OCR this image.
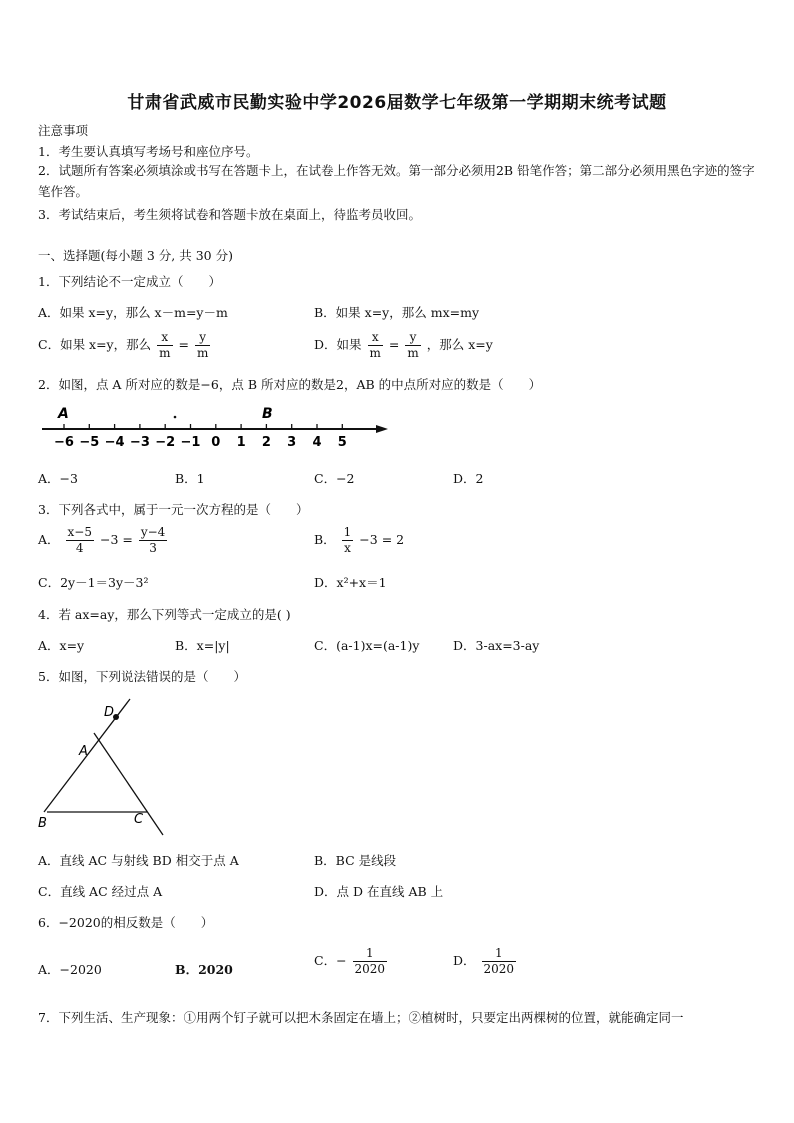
甘肃省武威市民勤实验中学2026届数学七年级第一学期期末统考试题
注意事项
1．考生要认真填写考场号和座位序号。
2．试题所有答案必须填涂或书写在答题卡上，在试卷上作答无效。第一部分必须用2B 铅笔作答；第二部分必须用黑色字迹的签字笔作答。
3．考试结束后，考生须将试卷和答题卡放在桌面上，待监考员收回。
一、选择题(每小题 3 分, 共 30 分)
1．下列结论不一定成立（　　）
A．如果 x=y，那么 x－m=y－m	B．如果 x=y，那么 mx=my
C．如果 x=y，那么 $\frac{x}{m} = \frac{y}{m}$	D．如果 $\frac{x}{m} = \frac{y}{m}$ ，那么 x=y
2．如图，点 A 所对应的数是−6，点 B 所对应的数是2，AB 的中点所对应的数是（　　）
−6 −5 −4 −3 −2 −1 0 1 2 3 4 5
A	B
A．−3	B．1	C．−2	D．2
3．下列各式中，属于一元一次方程的是（　　）
A． $\frac{x-5}{4} -3 = \frac{y-4}{3}$	B． $\frac{1}{x} -3 = 2$
C．2y－1＝3y－3²	D．x²+x＝1
4．若 ax=ay，那么下列等式一定成立的是( )
A．x=y	B．x=|y|	C．(a-1)x=(a-1)y	D．3-ax=3-ay
5．如图，下列说法错误的是（　　）
D
A
B	C
A．直线 AC 与射线 BD 相交于点 A	B．BC 是线段
C．直线 AC 经过点 A	D．点 D 在直线 AB 上
6．−2020的相反数是（　　）
A．−2020	B．2020
C．− $\frac{1}{2020}$	D． $\frac{1}{2020}$
7．下列生活、生产现象：①用两个钉子就可以把木条固定在墙上；②植树时，只要定出两棵树的位置，就能确定同一
